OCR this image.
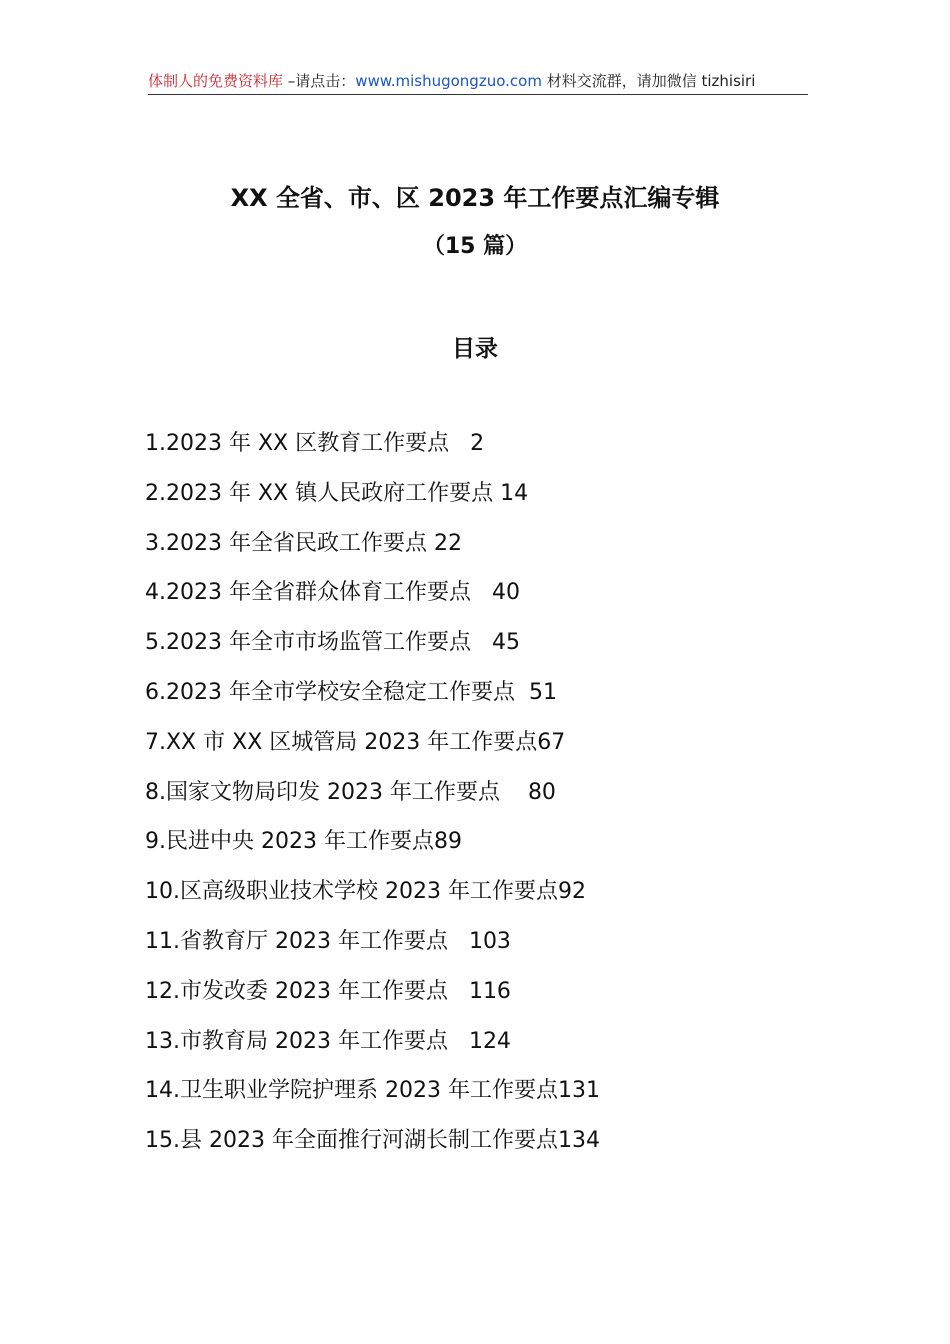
体制人的免费资料库 –请点击：www.mishugongzuo.com 材料交流群，请加微信 tizhisiri
XX 全省、市、区 2023 年工作要点汇编专辑
（15 篇）
目录
1.2023 年 XX 区教育工作要点   2
2.2023 年 XX 镇人民政府工作要点 14
3.2023 年全省民政工作要点 22
4.2023 年全省群众体育工作要点   40
5.2023 年全市市场监管工作要点   45
6.2023 年全市学校安全稳定工作要点  51
7.XX 市 XX 区城管局 2023 年工作要点67
8.国家文物局印发 2023 年工作要点    80
9.民进中央 2023 年工作要点89
10.区高级职业技术学校 2023 年工作要点92
11.省教育厅 2023 年工作要点   103
12.市发改委 2023 年工作要点   116
13.市教育局 2023 年工作要点   124
14.卫生职业学院护理系 2023 年工作要点131
15.县 2023 年全面推行河湖长制工作要点134
